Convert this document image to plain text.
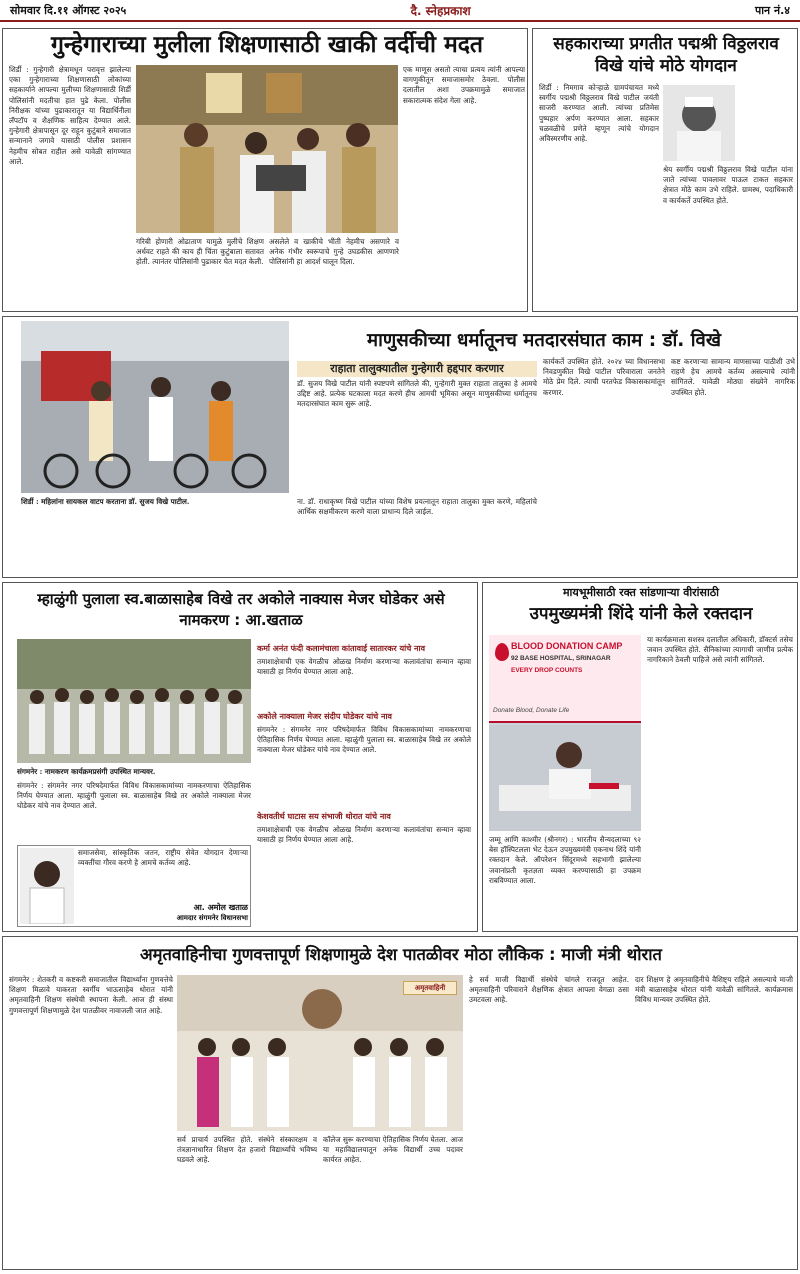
सोमवार दि.११ ऑगस्ट २०२५	दै. स्नेहप्रकाश	पान नं.४
गुन्हेगाराच्या मुलीला शिक्षणासाठी खाकी वर्दीची मदत
शिर्डी : गुन्हेगारी क्षेत्रामधून परावृत्त झालेल्या एका गुन्हेगाराच्या शिक्षणासाठी लोकांच्या सहकार्याने आपल्या मुलीच्या शिक्षणासाठी शिर्डी पोलिसांनी मदतीचा हात पुढे केला. पोलीस निरीक्षक यांच्या पुढाकारातून या विद्यार्थिनीला लॅपटॉप व शैक्षणिक साहित्य देण्यात आले. गुन्हेगारी क्षेत्रापासून दूर राहून कुटुंबाने समाजात सन्मानाने जगावे यासाठी पोलीस प्रशासन नेहमीच सोबत राहील असे यावेळी सांगण्यात आले.
गरिबी होणारी ओढाताण यामुळे मुलीचे शिक्षण अर्धवट राहते की काय ही चिंता कुटुंबाला सतावत होती. त्यानंतर पोलिसांनी पुढाकार घेत मदत केली.
असलेले व खाकीचे भीती नेहमीच असणारे व अनेक गंभीर स्वरूपाचे गुन्हे उघडकीस आणणारे पोलिसांनी हा आदर्श घालून दिला.
एक माणूस असतो त्याचा प्रत्यय त्यांनी आपल्या वागणुकीतून समाजासमोर ठेवला. पोलीस दलातील अशा उपक्रमामुळे समाजात सकारात्मक संदेश गेला आहे.
सहकाराच्या प्रगतीत पद्मश्री विठ्ठलराव विखे यांचे मोठे योगदान
शिर्डी : निमगाव कोऱ्हाळे ग्रामपंचायत मध्ये स्वर्गीय पद्मश्री विठ्ठलराव विखे पाटील जयंती साजरी करण्यात आली. त्यांच्या प्रतिमेस पुष्पहार अर्पण करण्यात आला. सहकार चळवळीचे प्रणेते म्हणून त्यांचे योगदान अविस्मरणीय आहे.
श्रेय स्वर्गीय पद्मश्री विठ्ठलराव विखे पाटील यांना जाते त्यांच्या पावलावर पाऊल टाकत सहकार क्षेत्रात मोठे काम उभे राहिले. ग्रामस्थ, पदाधिकारी व कार्यकर्ते उपस्थित होते.
माणुसकीच्या धर्मातूनच मतदारसंघात काम : डॉ. विखे
राहाता तालुक्यातील गुन्हेगारी हद्दपार करणार
डॉ. सुजय विखे पाटील यांनी स्पष्टपणे सांगितले की, गुन्हेगारी मुक्त राहाता तालुका हे आमचे उद्दिष्ट आहे. प्रत्येक घटकाला मदत करणे हीच आमची भूमिका असून माणुसकीच्या धर्मातूनच मतदारसंघात काम सुरू आहे.
कार्यकर्ते उपस्थित होते. २०२४ च्या विधानसभा निवडणुकीत विखे पाटील परिवाराला जनतेने मोठे प्रेम दिले. त्याची परतफेड विकासकामांतून करणार.
कष्ट करणाऱ्या सामान्य माणसाच्या पाठीशी उभे राहणे हेच आमचे कर्तव्य असल्याचे त्यांनी सांगितले. यावेळी मोठ्या संख्येने नागरिक उपस्थित होते.
शिर्डी : महिलांना सायकल वाटप करताना डॉ. सुजय विखे पाटील.	ना. डॉ. राधाकृष्ण विखे पाटील यांच्या विशेष प्रयत्नातून राहाता तालुका मुक्त करणे, महिलांचे आर्थिक सक्षमीकरण करणे याला प्राधान्य दिले जाईल.
म्हाळुंगी पुलाला स्व.बाळासाहेब विखे तर अकोले नाक्यास मेजर घोडेकर असे नामकरण : आ.खताळ
संगमनेर : नामकरण कार्यक्रमप्रसंगी उपस्थित मान्यवर.
संगमनेर : संगमनेर नगर परिषदेमार्फत विविध विकासकामांच्या नामकरणाचा ऐतिहासिक निर्णय घेण्यात आला. म्हाळुंगी पुलाला स्व. बाळासाहेब विखे तर अकोले नाक्याला मेजर घोडेकर यांचे नाव देण्यात आले.
कर्मा अनंत फंदी कलामंचाला कांतावाई सातारकर यांचे नाव
तमाशाक्षेत्राची एक वेगळीच ओळख निर्माण करणाऱ्या कलावंतांचा सन्मान व्हावा यासाठी हा निर्णय घेण्यात आला आहे.
अकोले नाक्याला मेजर संदीप घोडेकर यांचे नाव
संगमनेर : संगमनेर नगर परिषदेमार्फत विविध विकासकामांच्या नामकरणाचा ऐतिहासिक निर्णय घेण्यात आला. म्हाळुंगी पुलाला स्व. बाळासाहेब विखे तर अकोले नाक्याला मेजर घोडेकर यांचे नाव देण्यात आले.
केशवतीर्थ घाटास सय संभाजी थोरात यांचे नाव
तमाशाक्षेत्राची एक वेगळीच ओळख निर्माण करणाऱ्या कलावंतांचा सन्मान व्हावा यासाठी हा निर्णय घेण्यात आला आहे.
समाजसेवा, सांस्कृतिक जतन, राष्ट्रीय सेवेत योगदान देणाऱ्या व्यक्तींचा गौरव करणे हे आमचे कर्तव्य आहे.
आ. अमोल खताळ
आमदार संगमनेर विधानसभा
मायभूमीसाठी रक्त सांडणाऱ्या वीरांसाठी
उपमुख्यमंत्री शिंदे यांनी केले रक्तदान
BLOOD DONATION CAMP
92 BASE HOSPITAL, SRINAGAR
EVERY DROP COUNTS
Donate Blood, Donate Life
जम्मू आणि काश्मीर (श्रीनगर) : भारतीय सैन्यदलाच्या ९२ बेस हॉस्पिटलला भेट देऊन उपमुख्यमंत्री एकनाथ शिंदे यांनी रक्तदान केले. ऑपरेशन सिंदूरमध्ये सहभागी झालेल्या जवानांप्रती कृतज्ञता व्यक्त करण्यासाठी हा उपक्रम राबविण्यात आला.
या कार्यक्रमाला सशस्त्र दलातील अधिकारी, डॉक्टर्स तसेच जवान उपस्थित होते. सैनिकांच्या त्यागाची जाणीव प्रत्येक नागरिकाने ठेवली पाहिजे असे त्यांनी सांगितले.
अमृतवाहिनीचा गुणवत्तापूर्ण शिक्षणामुळे देश पातळीवर मोठा लौकिक : माजी मंत्री थोरात
संगमनेर : शेतकरी व कष्टकरी समाजातील विद्यार्थ्यांना गुणवत्तेचे शिक्षण मिळावे याकरता स्वर्गीय भाऊसाहेब थोरात यांनी अमृतवाहिनी शिक्षण संस्थेची स्थापना केली. आज ही संस्था गुणवत्तापूर्ण शिक्षणामुळे देश पातळीवर नावाजली जात आहे.
अमृतवाहिनी
सर्व प्राचार्य उपस्थित होते. संस्थेने संस्कारक्षम व तंत्रज्ञानाधारित शिक्षण देत हजारो विद्यार्थ्यांचे भविष्य घडवले आहे.
कॉलेज सुरू करण्याचा ऐतिहासिक निर्णय घेतला. आज या महाविद्यालयातून अनेक विद्यार्थी उच्च पदावर कार्यरत आहेत.
हे सर्व माजी विद्यार्थी संस्थेचे चांगले राजदूत आहेत. अमृतवाहिनी परिवाराने शैक्षणिक क्षेत्रात आपला वेगळा ठसा उमटवला आहे.
दार शिक्षण हे अमृतवाहिनीचे वैशिष्ट्य राहिले असल्याचे माजी मंत्री बाळासाहेब थोरात यांनी यावेळी सांगितले. कार्यक्रमास विविध मान्यवर उपस्थित होते.
